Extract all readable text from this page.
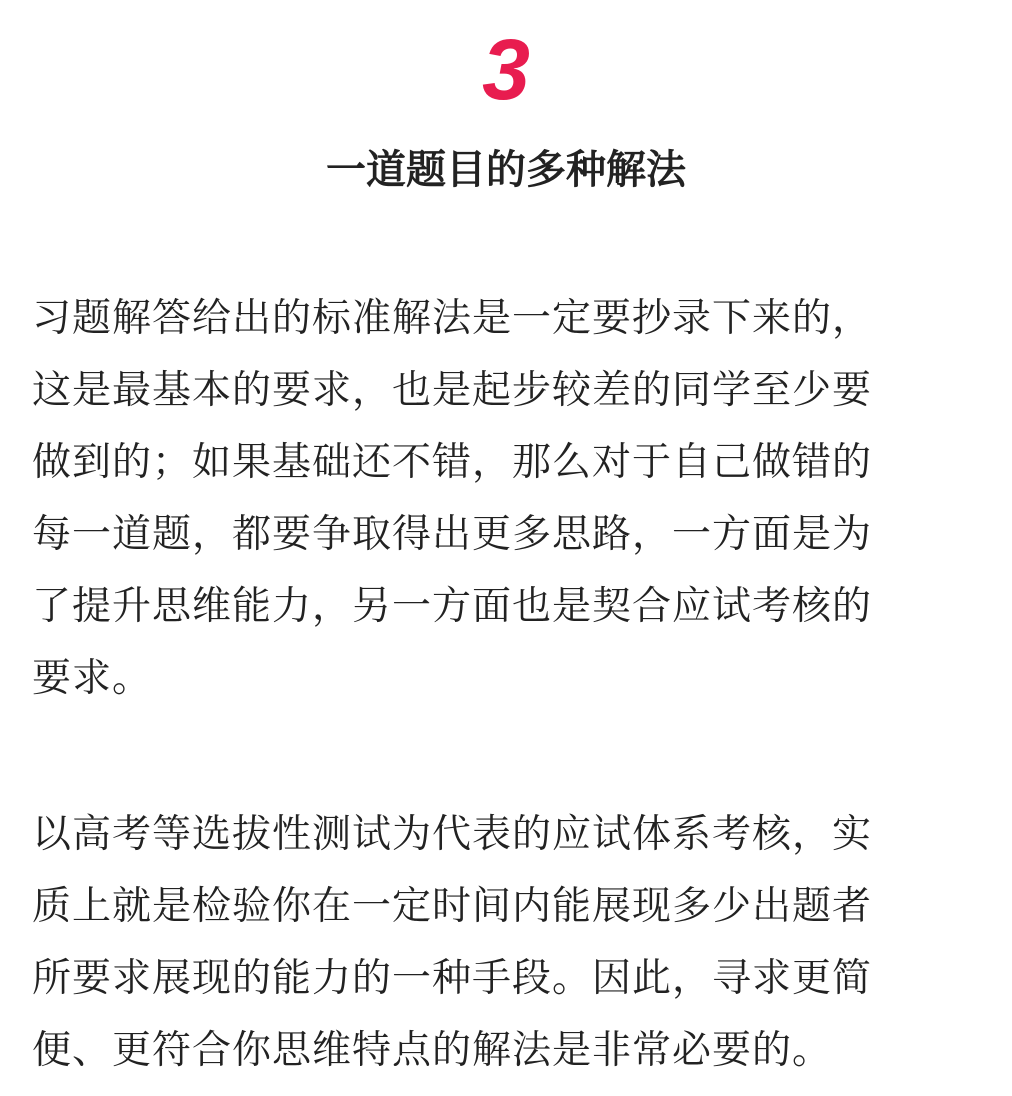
3
一道题目的多种解法
习题解答给出的标准解法是一定要抄录下来的，
这是最基本的要求，也是起步较差的同学至少要
做到的；如果基础还不错，那么对于自己做错的
每一道题，都要争取得出更多思路，一方面是为
了提升思维能力，另一方面也是契合应试考核的
要求。
以高考等选拔性测试为代表的应试体系考核，实
质上就是检验你在一定时间内能展现多少出题者
所要求展现的能力的一种手段。因此，寻求更简
便、更符合你思维特点的解法是非常必要的。
